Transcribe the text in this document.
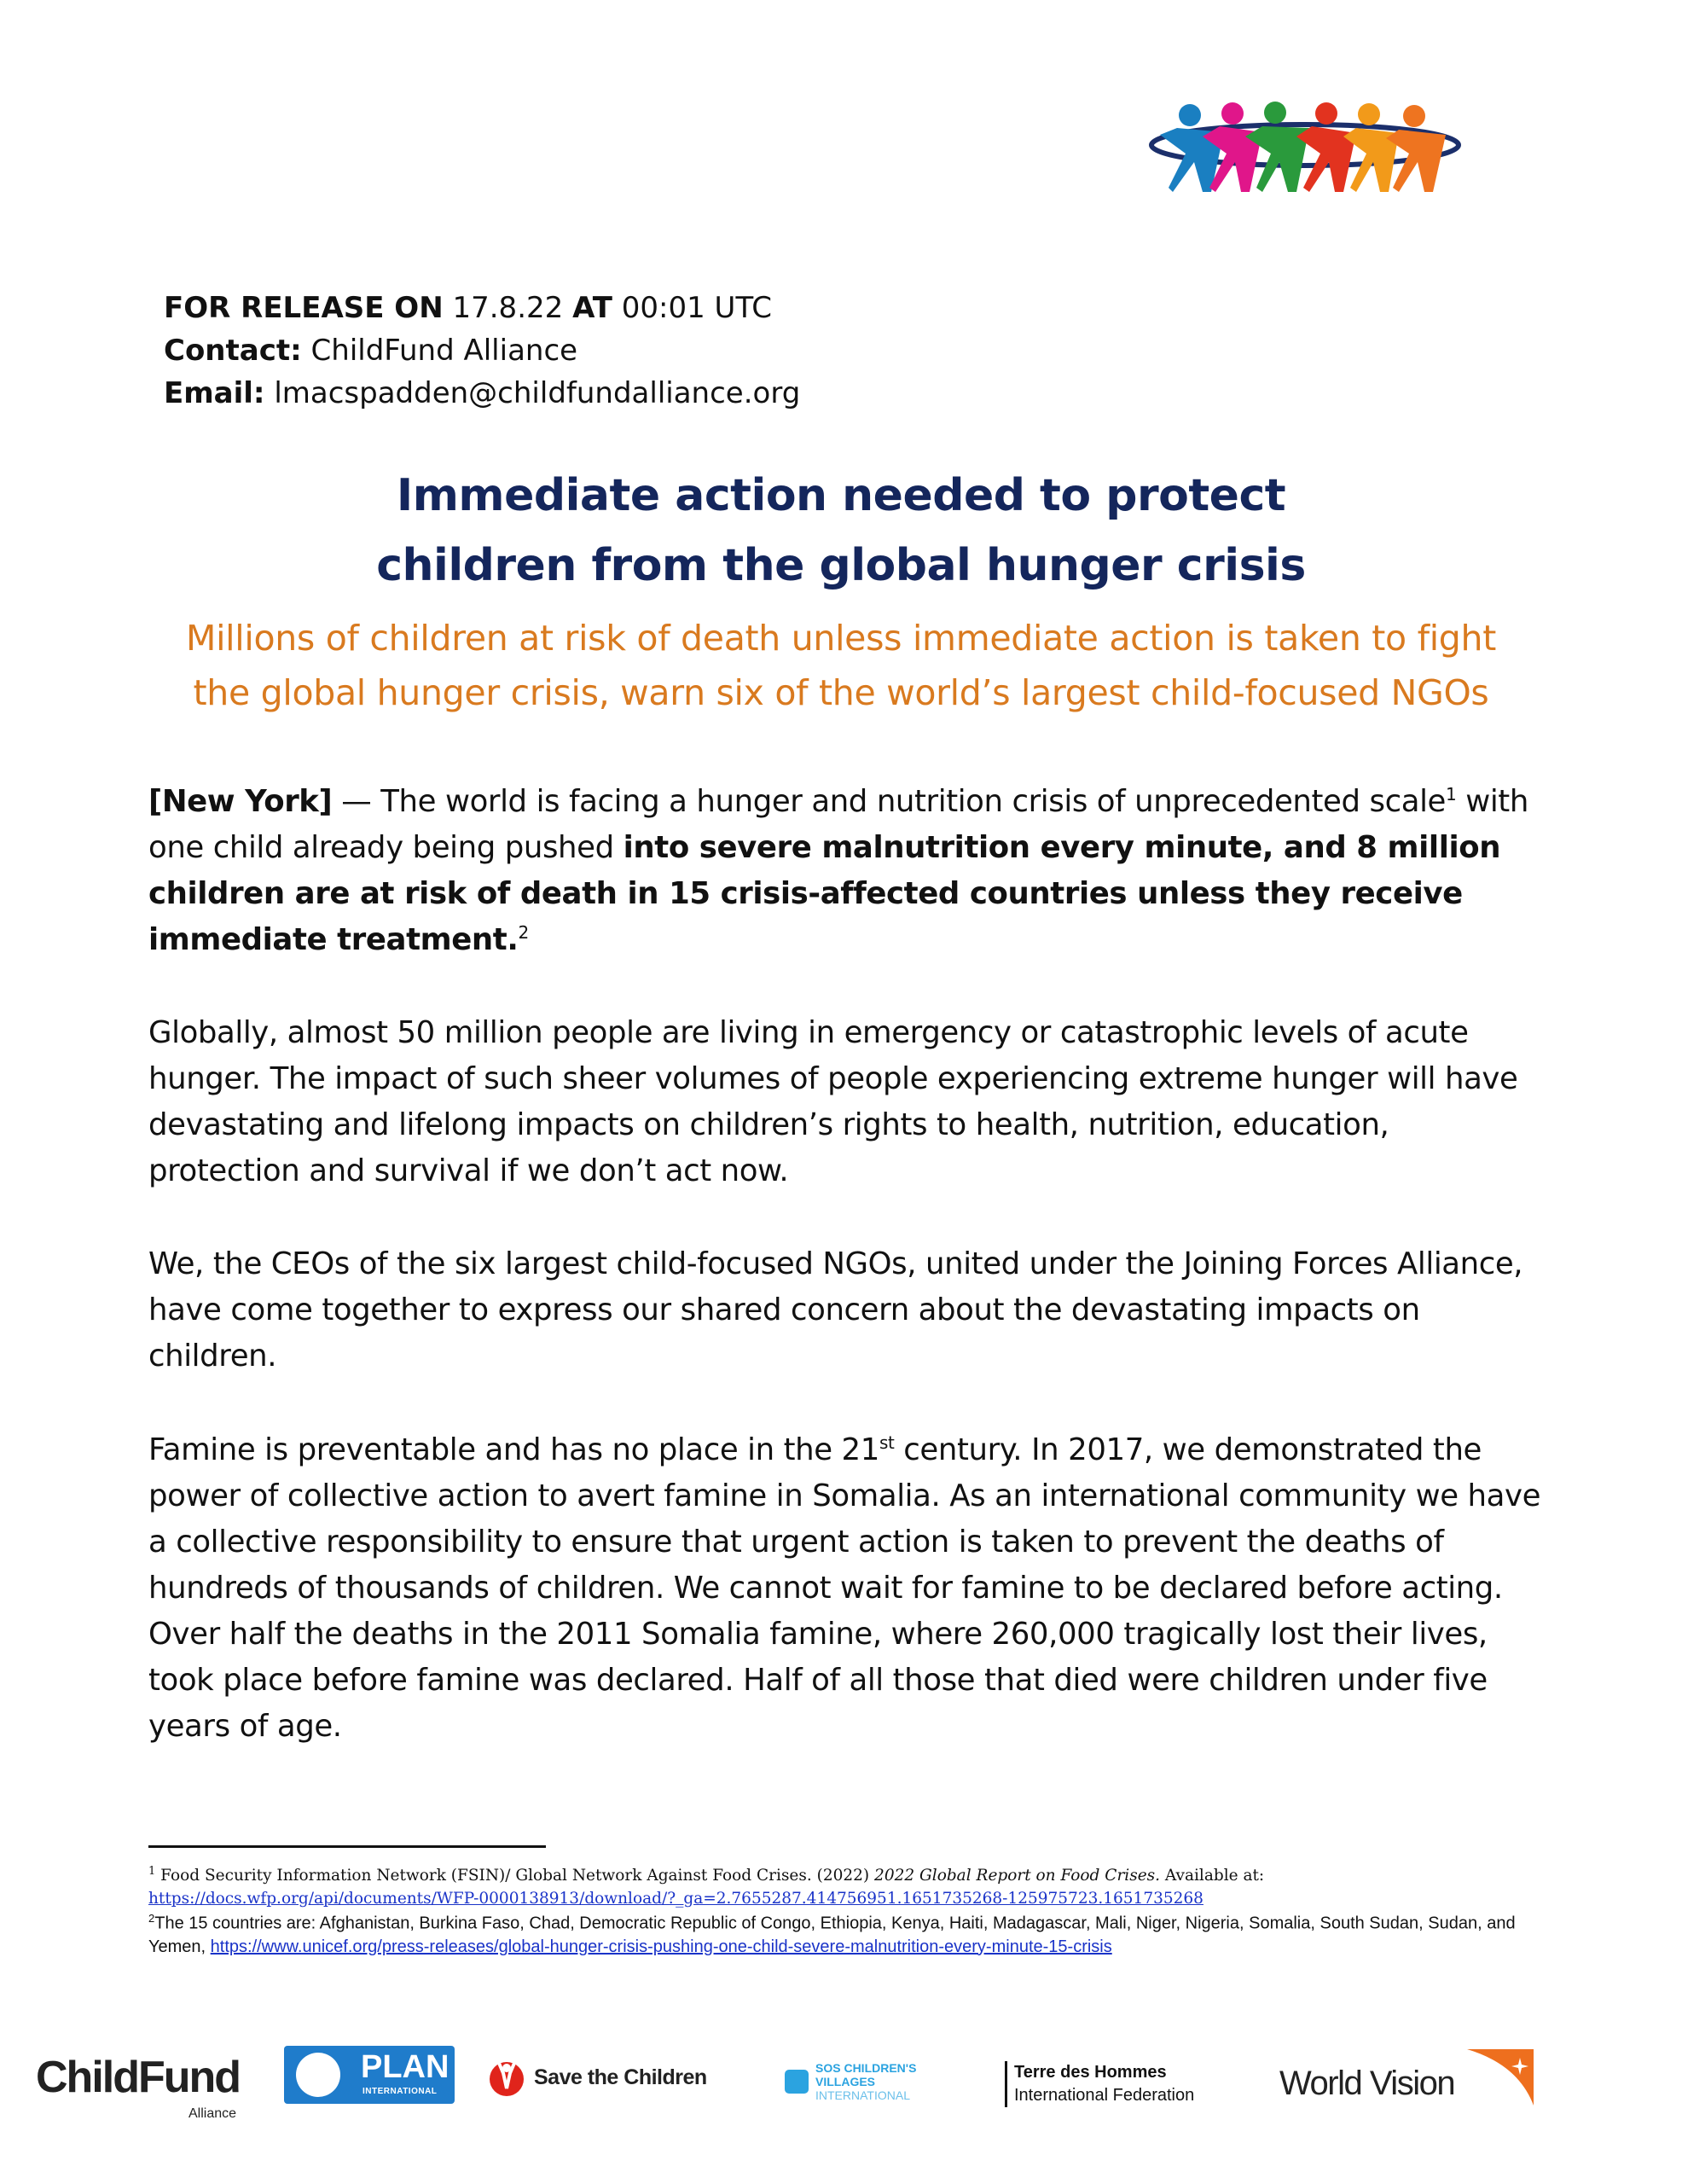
FOR RELEASE ON 17.8.22 AT 00:01 UTC
Contact: ChildFund Alliance
Email: lmacspadden@childfundalliance.org
Immediate action needed to protect
children from the global hunger crisis
Millions of children at risk of death unless immediate action is taken to fight
the global hunger crisis, warn six of the world’s largest child-focused NGOs
[New York] — The world is facing a hunger and nutrition crisis of unprecedented scale$^1$ with one child already being pushed into severe malnutrition every minute, and 8 million children are at risk of death in 15 crisis-affected countries unless they receive immediate treatment.$^2$
Globally, almost 50 million people are living in emergency or catastrophic levels of acute hunger. The impact of such sheer volumes of people experiencing extreme hunger will have devastating and lifelong impacts on children’s rights to health, nutrition, education, protection and survival if we don’t act now.
We, the CEOs of the six largest child-focused NGOs, united under the Joining Forces Alliance, have come together to express our shared concern about the devastating impacts on children.
Famine is preventable and has no place in the 21st century. In 2017, we demonstrated the power of collective action to avert famine in Somalia. As an international community we have a collective responsibility to ensure that urgent action is taken to prevent the deaths of hundreds of thousands of children. We cannot wait for famine to be declared before acting. Over half the deaths in the 2011 Somalia famine, where 260,000 tragically lost their lives, took place before famine was declared. Half of all those that died were children under five years of age.
$^1$ Food Security Information Network (FSIN)/ Global Network Against Food Crises. (2022) 2022 Global Report on Food Crises. Available at:
https://docs.wfp.org/api/documents/WFP-0000138913/download/?_ga=2.7655287.414756951.1651735268-125975723.1651735268
$^2$The 15 countries are: Afghanistan, Burkina Faso, Chad, Democratic Republic of Congo, Ethiopia, Kenya, Haiti, Madagascar, Mali, Niger, Nigeria, Somalia, South Sudan, Sudan, and Yemen, https://www.unicef.org/press-releases/global-hunger-crisis-pushing-one-child-severe-malnutrition-every-minute-15-crisis
ChildFund
Alliance
PLAN
INTERNATIONAL
Save the Children	SOS CHILDREN'S
VILLAGES
INTERNATIONAL
Terre des Hommes
International Federation World Vision
